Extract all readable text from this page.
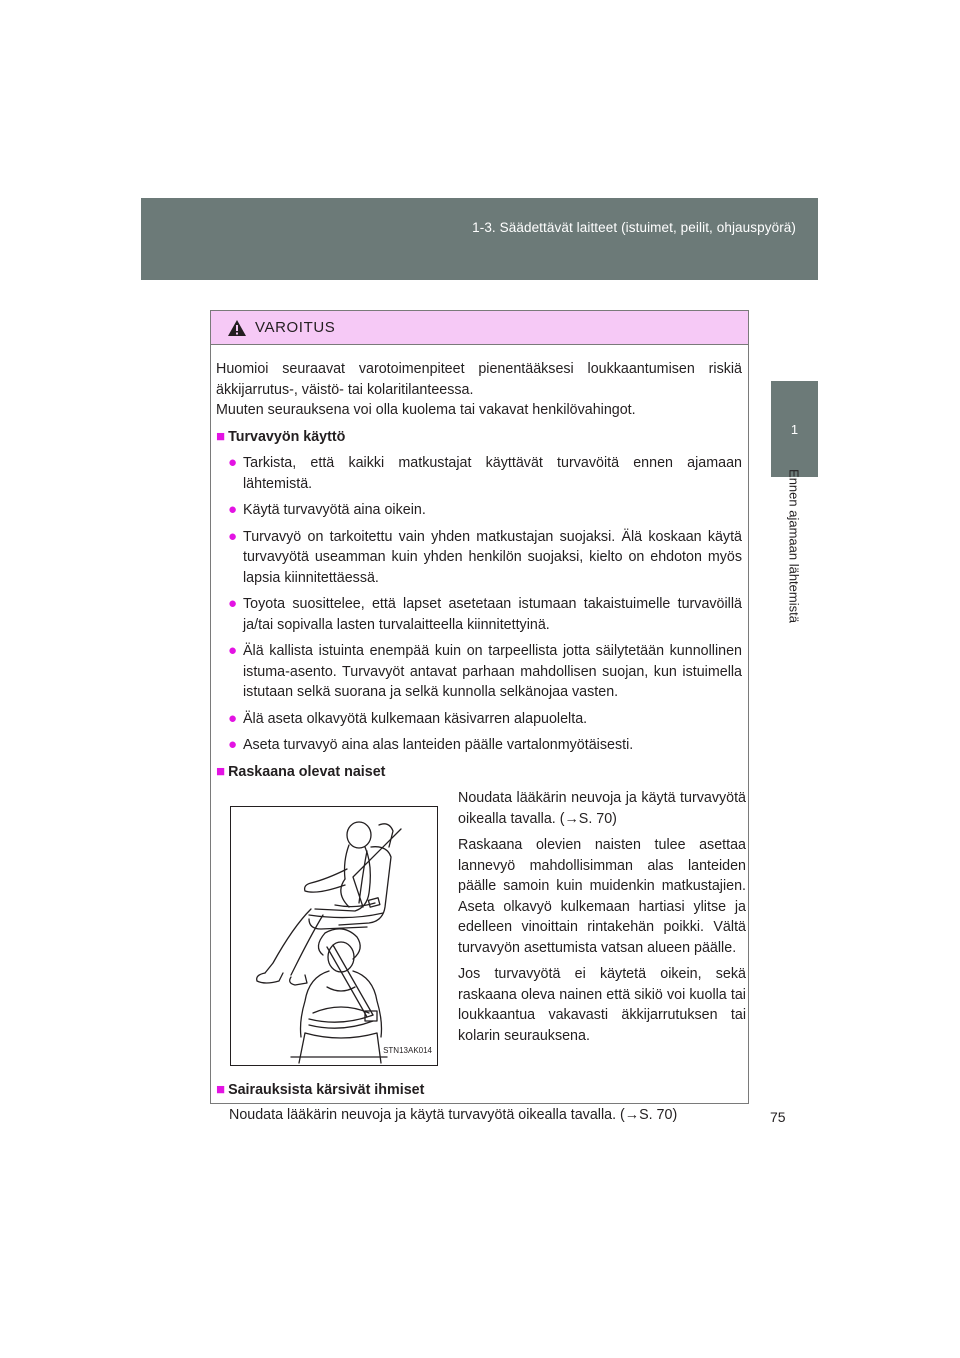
1-3. Säädettävät laitteet (istuimet, peilit, ohjauspyörä)
1
Ennen ajamaan lähtemistä
75
VAROITUS
Huomioi seuraavat varotoimenpiteet pienentääksesi loukkaantumisen riskiä äkkijarrutus-, väistö- tai kolaritilanteessa.
Muuten seurauksena voi olla kuolema tai vakavat henkilövahingot.
■ Turvavyön käyttö
● Tarkista, että kaikki matkustajat käyttävät turvavöitä ennen ajamaan lähtemistä.
● Käytä turvavyötä aina oikein.
● Turvavyö on tarkoitettu vain yhden matkustajan suojaksi. Älä koskaan käytä turvavyötä useamman kuin yhden henkilön suojaksi, kielto on ehdoton myös lapsia kiinnitettäessä.
● Toyota suosittelee, että lapset asetetaan istumaan takaistuimelle turvavöillä ja/tai sopivalla lasten turvalaitteella kiinnitettyinä.
● Älä kallista istuinta enempää kuin on tarpeellista jotta säilytetään kunnollinen istuma-asento. Turvavyöt antavat parhaan mahdollisen suojan, kun istuimella istutaan selkä suorana ja selkä kunnolla selkänojaa vasten.
● Älä aseta olkavyötä kulkemaan käsivarren alapuolelta.
● Aseta turvavyö aina alas lanteiden päälle vartalonmyötäisesti.
■ Raskaana olevat naiset
STN13AK014

Noudata lääkärin neuvoja ja käytä turvavyötä oikealla tavalla. (→S. 70)

Raskaana olevien naisten tulee asettaa lannevyö mahdollisimman alas lanteiden päälle samoin kuin muidenkin matkustajien. Aseta olkavyö kulkemaan hartiasi ylitse ja edelleen vinoittain rintakehän poikki. Vältä turvavyön asettumista vatsan alueen päälle.

Jos turvavyötä ei käytetä oikein, sekä raskaana oleva nainen että sikiö voi kuolla tai loukkaantua vakavasti äkkijarrutuksen tai kolarin seurauksena.

■ Sairauksista kärsivät ihmiset
Noudata lääkärin neuvoja ja käytä turvavyötä oikealla tavalla. (→S. 70)
